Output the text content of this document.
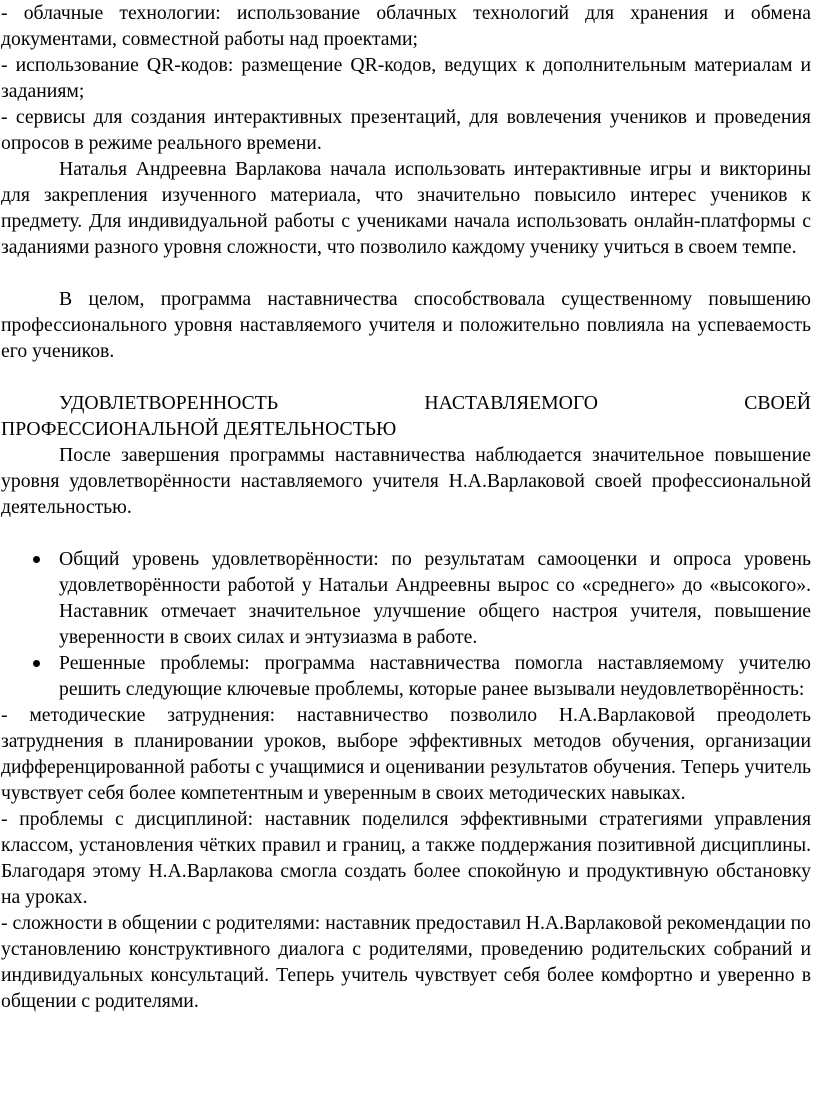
- облачные технологии: использование облачных технологий для хранения и обмена документами, совместной работы над проектами;

- использование QR-кодов: размещение QR-кодов, ведущих к дополнительным материалам и заданиям;

- сервисы для создания интерактивных презентаций, для вовлечения учеников и проведения опросов в режиме реального времени.

Наталья Андреевна Варлакова начала использовать интерактивные игры и викторины для закрепления изученного материала, что значительно повысило интерес учеников к предмету. Для индивидуальной работы с учениками начала использовать онлайн-платформы с заданиями разного уровня сложности, что позволило каждому ученику учиться в своем темпе.

В целом, программа наставничества способствовала существенному повышению профессионального уровня наставляемого учителя и положительно повлияла на успеваемость его учеников.

УДОВЛЕТВОРЕННОСТЬ НАСТАВЛЯЕМОГО СВОЕЙ
ПРОФЕССИОНАЛЬНОЙ ДЕЯТЕЛЬНОСТЬЮ

После завершения программы наставничества наблюдается значительное повышение уровня удовлетворённости наставляемого учителя Н.А.Варлаковой своей профессиональной деятельностью.

Общий уровень удовлетворённости: по результатам самооценки и опроса уровень удовлетворённости работой у Натальи Андреевны вырос со «среднего» до «высокого». Наставник отмечает значительное улучшение общего настроя учителя, повышение уверенности в своих силах и энтузиазма в работе.
Решенные проблемы: программа наставничества помогла наставляемому учителю решить следующие ключевые проблемы, которые ранее вызывали неудовлетворённость:

- методические затруднения: наставничество позволило Н.А.Варлаковой преодолеть затруднения в планировании уроков, выборе эффективных методов обучения, организации дифференцированной работы с учащимися и оценивании результатов обучения. Теперь учитель чувствует себя более компетентным и уверенным в своих методических навыках.

- проблемы с дисциплиной: наставник поделился эффективными стратегиями управления классом, установления чётких правил и границ, а также поддержания позитивной дисциплины. Благодаря этому Н.А.Варлакова смогла создать более спокойную и продуктивную обстановку на уроках.

- сложности в общении с родителями: наставник предоставил Н.А.Варлаковой рекомендации по установлению конструктивного диалога с родителями, проведению родительских собраний и индивидуальных консультаций. Теперь учитель чувствует себя более комфортно и уверенно в общении с родителями.
